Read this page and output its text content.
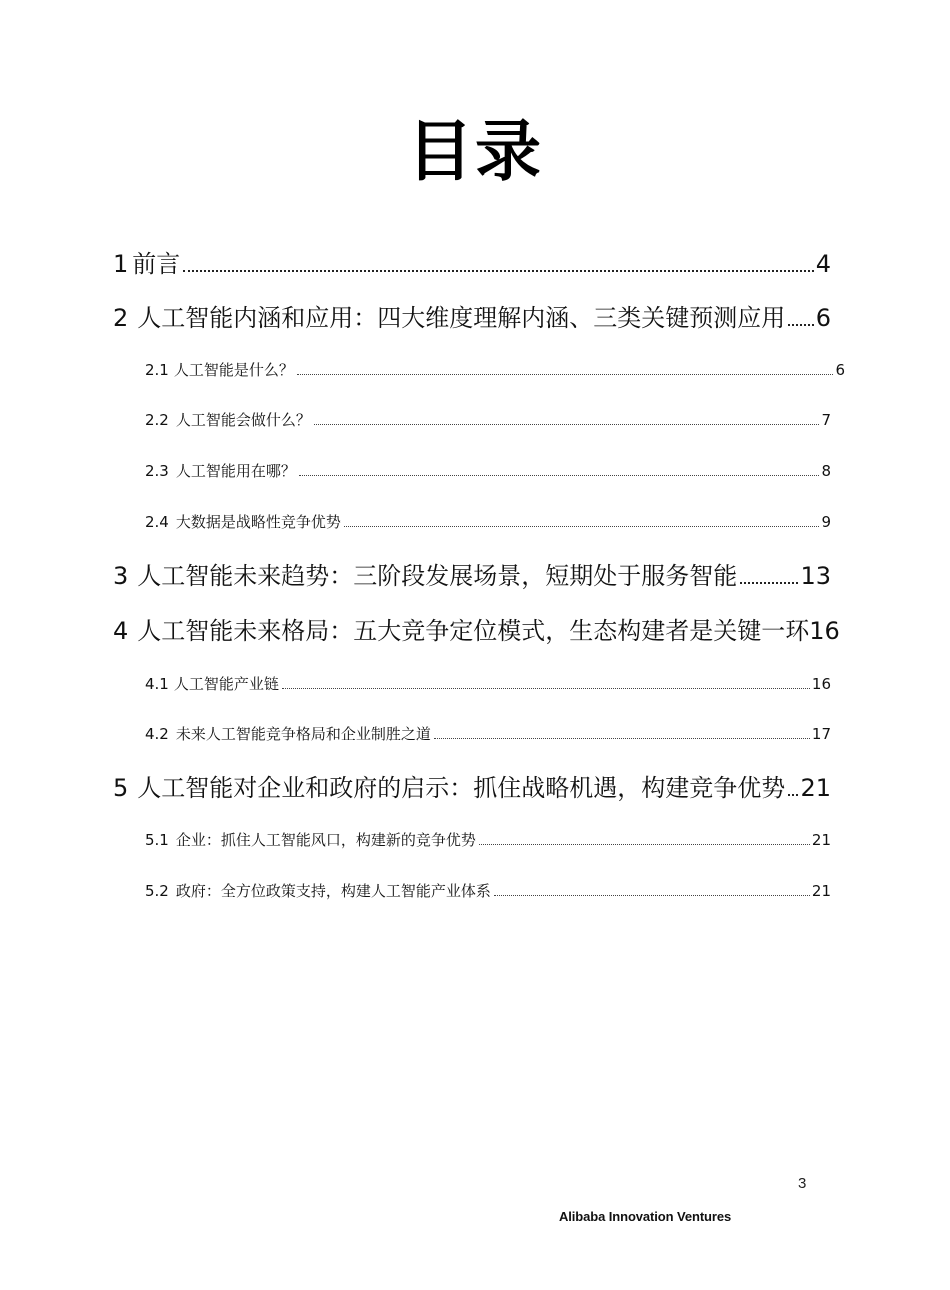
目录
1 前言	4
2 人工智能内涵和应用：四大维度理解内涵、三类关键预测应用 6
2.1 人工智能是什么？	6
2.2 人工智能会做什么？	7
2.3 人工智能用在哪？	8
2.4 大数据是战略性竞争优势	9
3 人工智能未来趋势：三阶段发展场景，短期处于服务智能	13
4 人工智能未来格局：五大竞争定位模式，生态构建者是关键一环 16
4.1 人工智能产业链	16
4.2 未来人工智能竞争格局和企业制胜之道	17
5 人工智能对企业和政府的启示：抓住战略机遇，构建竞争优势 21
5.1 企业：抓住人工智能风口，构建新的竞争优势	21
5.2 政府：全方位政策支持，构建人工智能产业体系	21
3
Alibaba Innovation Ventures
